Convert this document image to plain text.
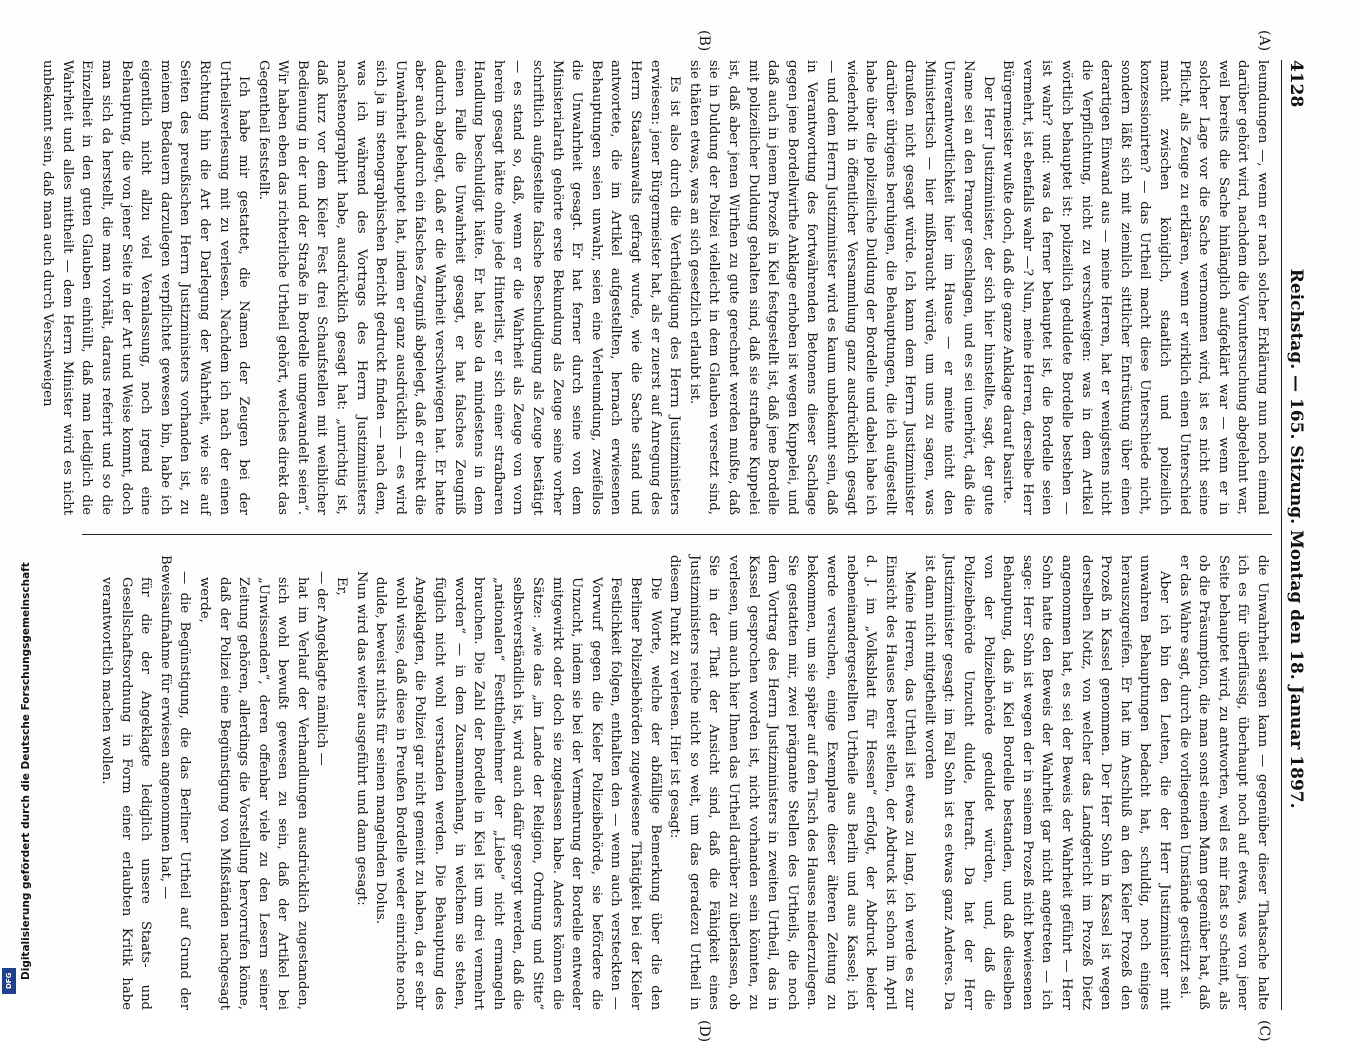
4128
Reichstag. — 165. Sitzung. Montag den 18. Januar 1897.

leumdungen —, wenn er nach solcher Erklärung nun noch einmal darüber gehört wird, nachdem die Voruntersuchung abgelehnt war, weil bereits die Sache hinlänglich aufgeklärt war — wenn er in solcher Lage vor die Sache vernommen wird, ist es nicht seine Pflicht, als Zeuge zu erklären, wenn er wirklich einen Unterschied macht zwischen königlich, staatlich und polizeilich konzessionirten? — das Urtheil macht diese Unterschiede nicht, sondern läßt sich mit ziemlich sittlicher Entrüstung über einen derartigen Einwand aus — meine Herren, hat er wenigstens nicht die Verpflichtung, nicht zu verschweigen: was in dem Artikel wörtlich behauptet ist: polizeilich geduldete Bordelle bestehen — ist wahr? und: was da ferner behauptet ist, die Bordelle seien vermehrt, ist ebenfalls wahr —? Nun, meine Herren, derselbe Herr Bürgermeister wußte doch, daß die ganze Anklage darauf basirte.

Der Herr Justizminister, der sich hier hinstellte, sagt, der gute Name sei an den Pranger geschlagen, und es sei unerhört, daß die Unverantwortlichkeit hier im Hause — er meinte nicht den Ministertisch — hier mißbraucht würde, um uns zu sagen, was draußen nicht gesagt würde. Ich kann dem Herrn Justizminister darüber übrigens beruhigen, die Behauptungen, die ich aufgestellt habe über die polizeiliche Duldung der Bordelle und dabei habe ich wiederholt in öffentlicher Versammlung ganz ausdrücklich gesagt — und dem Herrn Justizminister wird es kaum unbekannt sein, daß in Verantwortung des fortwährenden Betonens dieser Sachlage gegen jene Bordellwirthe Anklage erhoben ist wegen Kuppelei, und daß auch in jenem Prozeß in Kiel festgestellt ist, daß jene Bordelle mit polizeilicher Duldung gehalten sind, daß sie strafbare Kuppelei ist, daß aber jenen Wirthen zu gute gerechnet werden mußte, daß sie in Duldung der Polizei vielleicht in dem Glauben versetzt sind, sie thäten etwas, was an sich gesetzlich erlaubt ist.

Es ist also durch die Vertheidigung des Herrn Justizministers erwiesen: jener Bürgermeister hat, als er zuerst auf Anregung des Herrn Staatsanwalts gefragt wurde, wie die Sache stand und antwortete, die im Artikel aufgestellten, hernach erwiesenen Behauptungen seien unwahr, seien eine Verleumdung, zweifellos die Unwahrheit gesagt. Er hat ferner durch seine von dem Ministerialrath gehörte erste Bekundung als Zeuge seine vorher schriftlich aufgestellte falsche Beschuldigung als Zeuge bestätigt — es stand so, daß, wenn er die Wahrheit als Zeuge von vorn herein gesagt hätte ohne jede Hinterlist, er sich einer strafbaren Handlung beschuldigt hätte. Er hat also da mindestens in dem einen Falle die Unwahrheit gesagt, er hat falsches Zeugniß dadurch abgelegt, daß er die Wahrheit verschwiegen hat. Er hatte aber auch dadurch ein falsches Zeugniß abgelegt, daß er direkt die Unwahrheit behauptet hat, indem er ganz ausdrücklich — es wird sich ja im stenographischen Bericht gedruckt finden — nach dem, was ich während des Vortrags des Herrn Justizministers nachstenographirt habe, ausdrücklich gesagt hat: „unrichtig ist, daß kurz vor dem Kieler Fest drei Schaufstellen mit weiblicher Bedienung in der und der Straße in Bordelle umgewandelt seien“. Wir haben eben das richterliche Urtheil gehört, welches direkt das Gegentheil feststellt.

Ich habe mir gestattet, die Namen der Zeugen bei der Urtheilsverlesung mit zu verlesen. Nachdem ich nach der einen Richtung hin die Art der Darlegung der Wahrheit, wie sie auf Seiten des preußischen Herrn Justizministers vorhanden ist, zu meinem Bedauern darzulegen verpflichtet gewesen bin, habe ich eigentlich nicht allzu viel Veranlassung, noch irgend eine Behauptung, die von jener Seite in der Art und Weise kommt, doch man sich da herstellt, die man vorhält, daraus referirt und so die Einzelheit in den guten Glauben einhüllt, daß man lediglich die Wahrheit und alles mittheilt — dem Herrn Minister wird es nicht unbekannt sein, daß man auch durch Verschweigen

die Unwahrheit sagen kann — gegenüber dieser Thatsache halte ich es für überflüssig, überhaupt noch auf etwas, was von jener Seite behauptet wird, zu antworten, weil es mir fast so scheint, als ob die Präsumption, die man sonst einem Mann gegenüber hat, daß er das Wahre sagt, durch die vorliegenden Umstände gestürzt sei.

Aber ich bin den Leuten, die der Herr Justizminister mit unwahren Behauptungen bedacht hat, schuldig, noch einiges herauszugreifen. Er hat im Anschluß an den Kieler Prozeß den Prozeß in Kassel genommen. Der Herr Sohn in Kassel ist wegen derselben Notiz, von welcher das Landgericht im Prozeß Dietz angenommen hat, es sei der Beweis der Wahrheit geführt — Herr Sohn hatte den Beweis der Wahrheit gar nicht angetreten — ich sage: Herr Sohn ist wegen der in seinem Prozeß nicht bewiesenen Behauptung, daß in Kiel Bordelle bestanden, und daß dieselben von der Polizeibehörde geduldet würden, und, daß die Polizeibehörde Unzucht dulde, betraft. Da hat der Herr Justizminister gesagt: im Fall Sohn ist es etwas ganz Anderes. Da ist dann nicht mitgetheilt worden

Meine Herren, das Urtheil ist etwas zu lang, ich werde es zur Einsicht des Hauses bereit stellen, der Abdruck ist schon im April d. J. im „Volksblatt für Hessen“ erfolgt, der Abdruck beider nebeneinandergestellten Urtheile aus Berlin und aus Kassel; ich werde versuchen, einige Exemplare dieser älteren Zeitung zu bekommen, um sie später auf den Tisch des Hauses niederzulegen. Sie gestatten mir, zwei prägnante Stellen des Urtheils, die noch dem Vortrag des Herrn Justizministers in zweiten Urtheil, das in Kassel gesprochen worden ist, nicht vorhanden sein könnten, zu verlesen, um auch hier Ihnen das Urtheil darüber zu überlassen, ob Sie in der That der Ansicht sind, daß die Fähigkeit eines Justizministers reiche nicht so weit, um das geradezu Urtheil in diesem Punkt zu verlesen. Hier ist gesagt:

Die Worte, welche der abfällige Bemerkung über die den Berliner Polizeibehörden zugewiesene Thätigkeit bei der Kieler Festlichkeit folgen, enthalten den — wenn auch versteckten — Vorwurf gegen die Kieler Polizeibehörde, sie befördere die Unzucht, indem sie bei der Vermehrung der Bordelle entweder mitgewirkt oder doch sie zugelassen habe. Anders können die Sätze: „wie das „im Lande der Religion, Ordnung und Sitte“ selbstverständlich ist, wird auch dafür gesorgt werden, daß die „nationalen“ Festtheilnehmer der „Liebe“ nicht ermangeln brauchen. Die Zahl der Bordelle in Kiel ist um drei vermehrt worden“ — in dem Zusammenhang, in welchem sie stehen, füglich nicht wohl verstanden werden. Die Behauptung des Angeklagten, die Polizei gar nicht gemeint zu haben, da er sehr wohl wisse, daß diese in Preußen Bordelle weder einrichte noch dulde, beweist nichts für seinen mangelnden Dolus.

Nun wird das weiter ausgeführt und dann gesagt:

Er,

— der Angeklagte nämlich —

hat im Verlauf der Verhandlungen ausdrücklich zugestanden, sich wohl bewußt gewesen zu sein, daß der Artikel bei „Unwissenden“, deren offenbar viele zu den Lesern seiner Zeitung gehören, allerdings die Vorstellung hervorrufen könne, daß der Polizei eine Begünstigung von Mißständen nachgesagt werde,

— die Begünstigung, die das Berliner Urtheil auf Grund der Beweisaufnahme für erwiesen angenommen hat, —

für die der Angeklagte lediglich unsere Staats- und Gesellschaftsordnung in Form einer erlaubten Kritik habe verantwortlich machen wollen.

(A)
(B)
(C)
(D)
Digitalisierung gefördert durch die Deutsche Forschungsgemeinschaft
DFG
